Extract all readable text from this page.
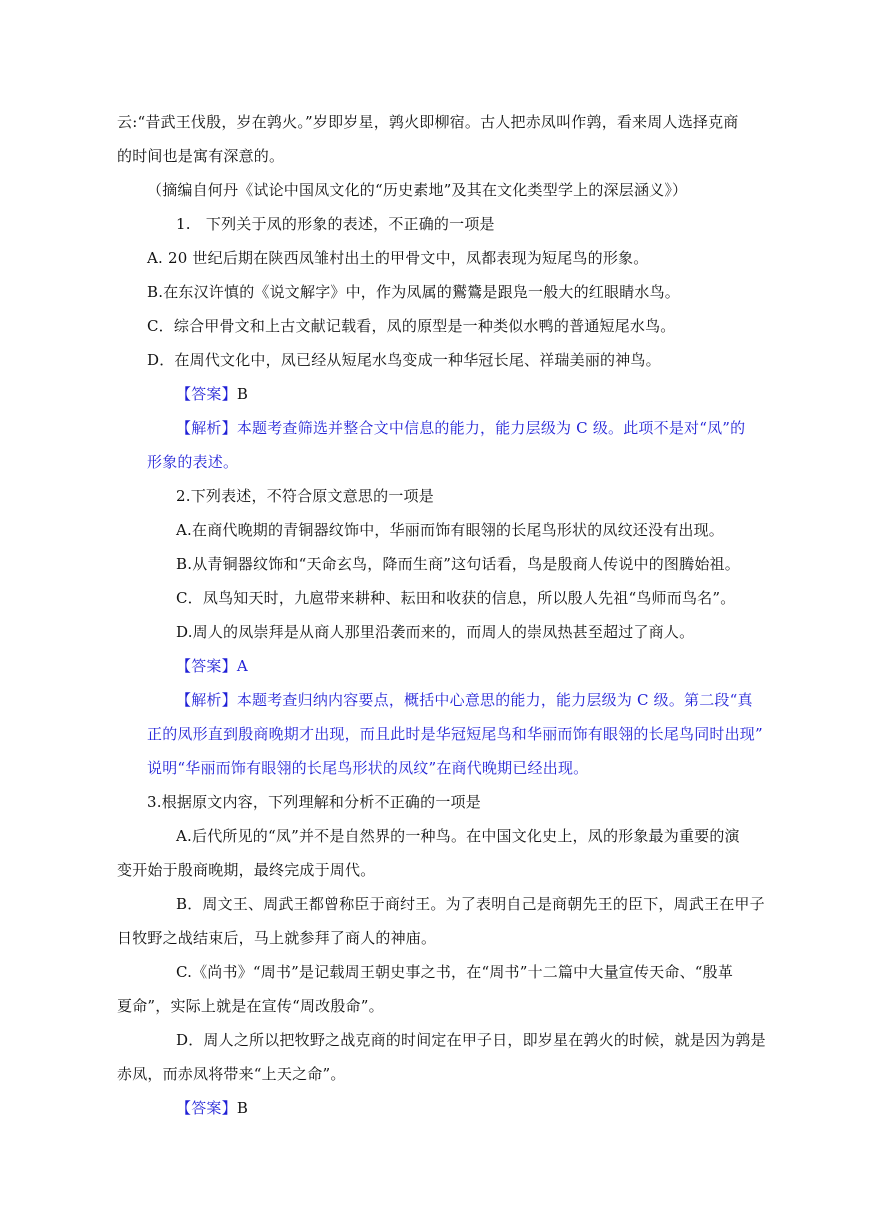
云:“昔武王伐殷，岁在鹑火。”岁即岁星，鹑火即柳宿。古人把赤凤叫作鹑，看来周人选择克商
的时间也是寓有深意的。
（摘编自何丹《试论中国凤文化的“历史素地”及其在文化类型学上的深层涵义》）
1.　下列关于凤的形象的表述，不正确的一项是
A. 20 世纪后期在陕西凤雏村出土的甲骨文中，凤都表现为短尾鸟的形象。
B.在东汉许慎的《说文解字》中，作为凤属的鸑鷟是跟凫一般大的红眼睛水鸟。
C．综合甲骨文和上古文献记载看，凤的原型是一种类似水鸭的普通短尾水鸟。
D．在周代文化中，凤已经从短尾水鸟变成一种华冠长尾、祥瑞美丽的神鸟。
【答案】B
【解析】本题考查筛选并整合文中信息的能力，能力层级为 C 级。此项不是对“凤”的
形象的表述。
2.下列表述，不符合原文意思的一项是
A.在商代晚期的青铜器纹饰中，华丽而饰有眼翎的长尾鸟形状的凤纹还没有出现。
B.从青铜器纹饰和“天命玄鸟，降而生商”这句话看，鸟是殷商人传说中的图腾始祖。
C．凤鸟知天时，九扈带来耕种、耘田和收获的信息，所以殷人先祖“鸟师而鸟名”。
D.周人的凤崇拜是从商人那里沿袭而来的，而周人的崇凤热甚至超过了商人。
【答案】A
【解析】本题考查归纳内容要点，概括中心意思的能力，能力层级为 C 级。第二段“真
正的凤形直到殷商晚期才出现，而且此时是华冠短尾鸟和华丽而饰有眼翎的长尾鸟同时出现”
说明“华丽而饰有眼翎的长尾鸟形状的凤纹”在商代晚期已经出现。
3.根据原文内容，下列理解和分析不正确的一项是
A.后代所见的“凤”并不是自然界的一种鸟。在中国文化史上，凤的形象最为重要的演
变开始于殷商晚期，最终完成于周代。
B．周文王、周武王都曾称臣于商纣王。为了表明自己是商朝先王的臣下，周武王在甲子
日牧野之战结束后，马上就参拜了商人的神庙。
C.《尚书》“周书”是记载周王朝史事之书，在“周书”十二篇中大量宣传天命、“殷革
夏命”，实际上就是在宣传“周改殷命”。
D．周人之所以把牧野之战克商的时间定在甲子日，即岁星在鹑火的时候，就是因为鹑是
赤凤，而赤凤将带来“上天之命”。
【答案】B
